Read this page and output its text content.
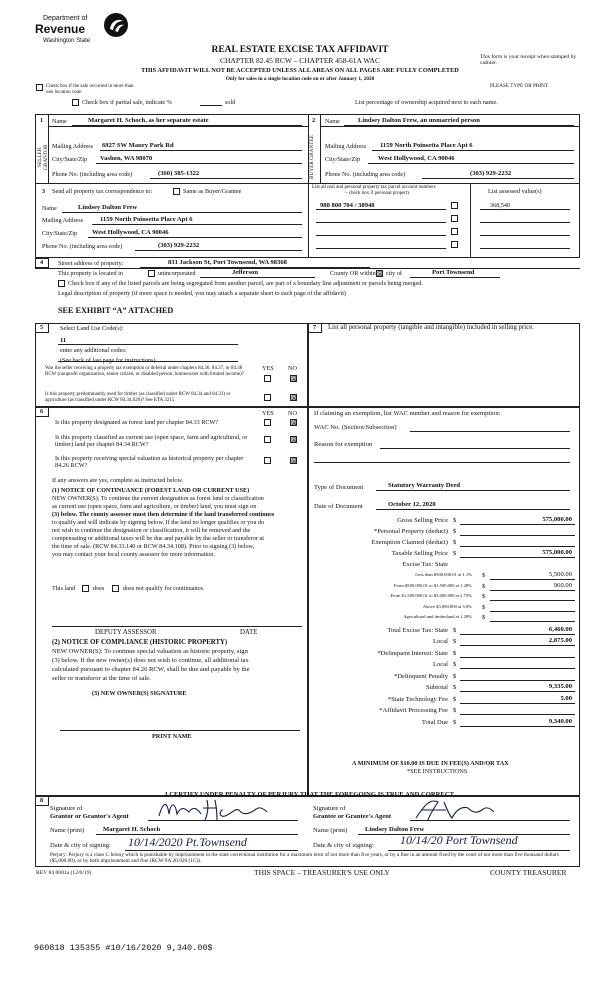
Department of
Revenue
Washington State
REAL ESTATE EXCISE TAX AFFIDAVIT
CHAPTER 82.45 RCW – CHAPTER 458-61A WAC
THIS AFFIDAVIT WILL NOT BE ACCEPTED UNLESS ALL AREAS ON ALL PAGES ARE FULLY COMPLETED
Only for sales in a single location code on or after January 1, 2020
This form is your receipt when stamped by cashier.
PLEASE TYPE OR PRINT
Check box if the sale occurred in more than one location code.
Check box if partial sale, indicate %	sold	List percentage of ownership acquired next to each name.
1
SELLER GRANTOR
Name	Margaret H. Schoch, as her separate estate
Mailing Address 6927 SW Maury Park Rd
City/State/Zip Vashon, WA 98070
Phone No. (including area code)	(360) 385-1322
2
BUYER GRANTEE
Name	Lindsey Dalton Frew, an unmarried person
Mailing Address 1159 North Poinsetta Place Apt 6
City/State/Zip	West Hollywood, CA 90046
Phone No. (including area code)	(303) 929-2232
3 Send all property tax correspondence to:	Same as Buyer/Grantee
Name	Lindsey Dalton Frew
Mailing Address	1159 North Poinsetta Place Apt 6
City/State/Zip West Hollywood, CA 90046
Phone No. (including area code)	(303) 929-2232
List all real and personal property tax parcel account numbers
– check box if personal property	List assessed value(s)
988 800 704 / 38948	368,540
4 Street address of property:	831 Jackson St, Port Townsend, WA 98368
This property is located in	unincorporated	Jefferson	County OR within ⊠ city of	Port Townsend
Check box if any of the listed parcels are being segregated from another parcel, are part of a boundary line adjustment or parcels being merged.
Legal description of property (if more space is needed, you may attach a separate sheet to each page of the affidavit)
SEE EXHIBIT “A” ATTACHED
5	Select Land Use Code(s):
11
enter any additional codes:
(See back of last page for instructions)
YES NO
Was the seller receiving a property tax exemption or deferral under chapters 84.36, 84.37, or 84.38 RCW (nonprofit organization, senior citizen, or disabled person, homeowner with limited income)?
⊠
Is this property predominantly used for timber (as classified under RCW 84.34 and 84.33) or agriculture (as classified under RCW 84.34.020)? See ETA 3215	⊠
7 List all personal property (tangible and intangible) included in selling price.
6	YES NO
Is this property designated as forest land per chapter 84.33 RCW?	⊠
Is this property classified as current use (open space, farm and agricultural, or timber) land per chapter 84.34 RCW?
⊠
Is this property receiving special valuation as historical property per chapter 84.26 RCW?
⊠
If any answers are yes, complete as instructed below.
(1) NOTICE OF CONTINUANCE (FOREST LAND OR CURRENT USE)
NEW OWNER(S): To continue the current designation as forest land or classification
as current use (open space, farm and agriculture, or timber) land, you must sign on
(3) below. The county assessor must then determine if the land transferred continues
to qualify and will indicate by signing below. If the land no longer qualifies or you do
not wish to continue the designation or classification, it will be removed and the
compensating or additional taxes will be due and payable by the seller or transferor at
the time of sale. (RCW 84.33.140 or RCW 84.34.108). Prior to signing (3) below,
you may contact your local county assessor for more information.
This land	does	does not qualify for continuance.
DEPUTY ASSESSOR	DATE
(2) NOTICE OF COMPLIANCE (HISTORIC PROPERTY)
NEW OWNER(S): To continue special valuation as historic property, sign
(3) below. If the new owner(s) does not wish to continue, all additional tax
calculated pursuant to chapter 84.26 RCW, shall be due and payable by the
seller or transferor at the time of sale.
(3) NEW OWNER(S) SIGNATURE
PRINT NAME
If claiming an exemption, list WAC number and reason for exemption:
WAC No. (Section/Subsection)
Reason for exemption
Type of Document	Statutory Warranty Deed
Date of Document	October 12, 2020
Gross Selling Price $	575,000.00
*Personal Property (deduct) $
Exemption Claimed (deduct) $
Taxable Selling Price $	575,000.00
Excise Tax: State
Less than $500,000.01 at 1.1% $	5,500.00
From $500,000.01 to $1,500,000 at 1.28% $	960.00
From $1,500,000.01 to $3,000,000 at 2.75% $
Above $3,000,000 at 3.0% $
Agricultural and timberland at 1.28% $
Total Excise Tax: State $	6,460.00
Local $	2,875.00
*Delinquent Interest: State $
Local $
*Delinquent Penalty $
Subtotal $	9,335.00
*State Technology Fee $	5.00
*Affidavit Processing Fee $
Total Due $	9,340.00
A MINIMUM OF $10.00 IS DUE IN FEE(S) AND/OR TAX
*SEE INSTRUCTIONS
8
I CERTIFY UNDER PENALTY OF PERJURY THAT THE FOREGOING IS TRUE AND CORRECT.
Signature of
Grantor or Grantor's Agent
Signature of
Grantee or Grantee's Agent
Name (print)	Margaret H. Schoch	Name (print)	Lindsey Dalton Frew
Date & city of signing: 10/14/2020 Pt.Townsend	Date & city of signing: 10/14/20 Port Townsend
Perjury: Perjury is a class C felony which is punishable by imprisonment in the state correctional institution for a maximum term of not more than five years, or by a fine in an amount fixed by the court of not more than five thousand dollars ($5,000.00), or by both imprisonment and fine (RCW 9A.20.020 (1C)).
REV 84 0001a (12/6/19)	THIS SPACE – TREASURER'S USE ONLY	COUNTY TREASURER
960818 135355 #10/16/2020 9,340.00$
